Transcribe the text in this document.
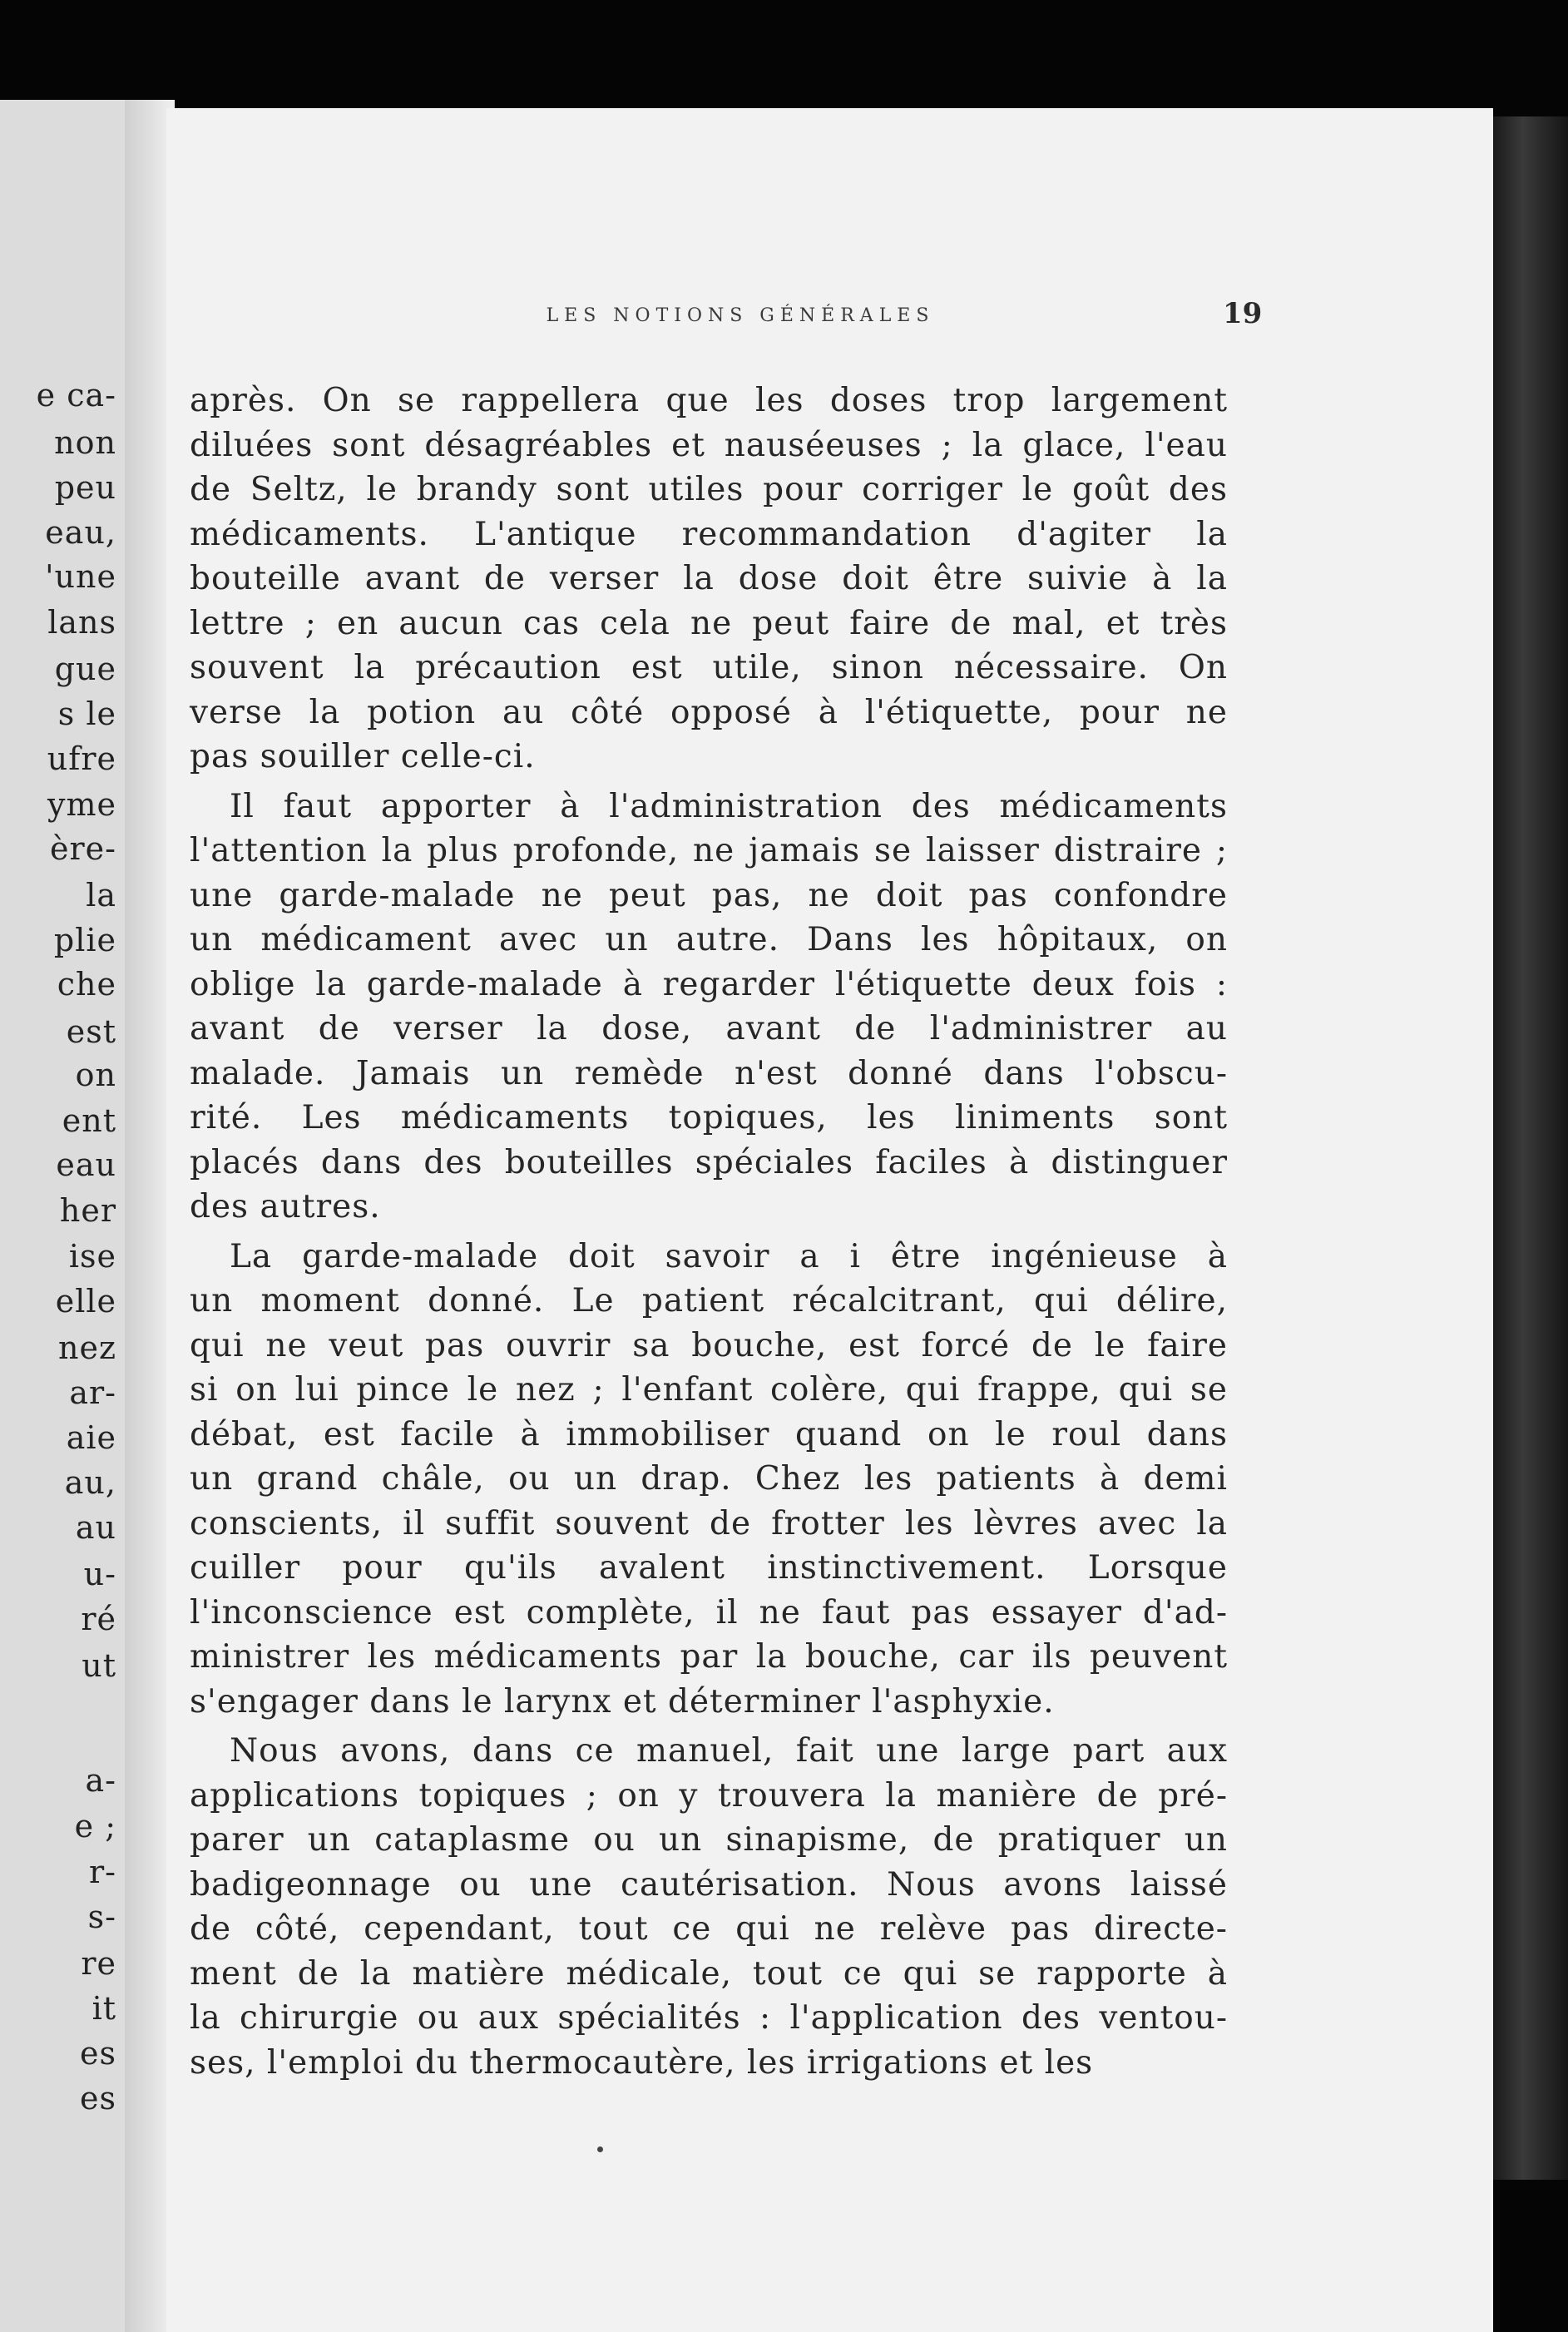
e ca-
non
peu
eau,
'une
lans
gue
s le
ufre
yme
ère-
la
plie
che
est
on
ent
eau
her
ise
elle
nez
ar-
aie
au,
au
u-
ré
ut
a-
e ;
r-
s-
re
it
es
es
LES NOTIONS GÉNÉRALES	19
après. On se rappellera que les doses trop largement
diluées sont désagréables et nauséeuses ; la glace, l'eau
de Seltz, le brandy sont utiles pour corriger le goût des
médicaments. L'antique recommandation d'agiter la
bouteille avant de verser la dose doit être suivie à la
lettre ; en aucun cas cela ne peut faire de mal, et très
souvent la précaution est utile, sinon nécessaire. On
verse la potion au côté opposé à l'étiquette, pour ne
pas souiller celle-ci.
Il faut apporter à l'administration des médicaments
l'attention la plus profonde, ne jamais se laisser distraire ;
une garde-malade ne peut pas, ne doit pas confondre
un médicament avec un autre. Dans les hôpitaux, on
oblige la garde-malade à regarder l'étiquette deux fois :
avant de verser la dose, avant de l'administrer au
malade. Jamais un remède n'est donné dans l'obscu-
rité. Les médicaments topiques, les liniments sont
placés dans des bouteilles spéciales faciles à distinguer
des autres.
La garde-malade doit savoir a i être ingénieuse à
un moment donné. Le patient récalcitrant, qui délire,
qui ne veut pas ouvrir sa bouche, est forcé de le faire
si on lui pince le nez ; l'enfant colère, qui frappe, qui se
débat, est facile à immobiliser quand on le roul dans
un grand châle, ou un drap. Chez les patients à demi
conscients, il suffit souvent de frotter les lèvres avec la
cuiller pour qu'ils avalent instinctivement. Lorsque
l'inconscience est complète, il ne faut pas essayer d'ad-
ministrer les médicaments par la bouche, car ils peuvent
s'engager dans le larynx et déterminer l'asphyxie.
Nous avons, dans ce manuel, fait une large part aux
applications topiques ; on y trouvera la manière de pré-
parer un cataplasme ou un sinapisme, de pratiquer un
badigeonnage ou une cautérisation. Nous avons laissé
de côté, cependant, tout ce qui ne relève pas directe-
ment de la matière médicale, tout ce qui se rapporte à
la chirurgie ou aux spécialités : l'application des ventou-
ses, l'emploi du thermocautère, les irrigations et les
